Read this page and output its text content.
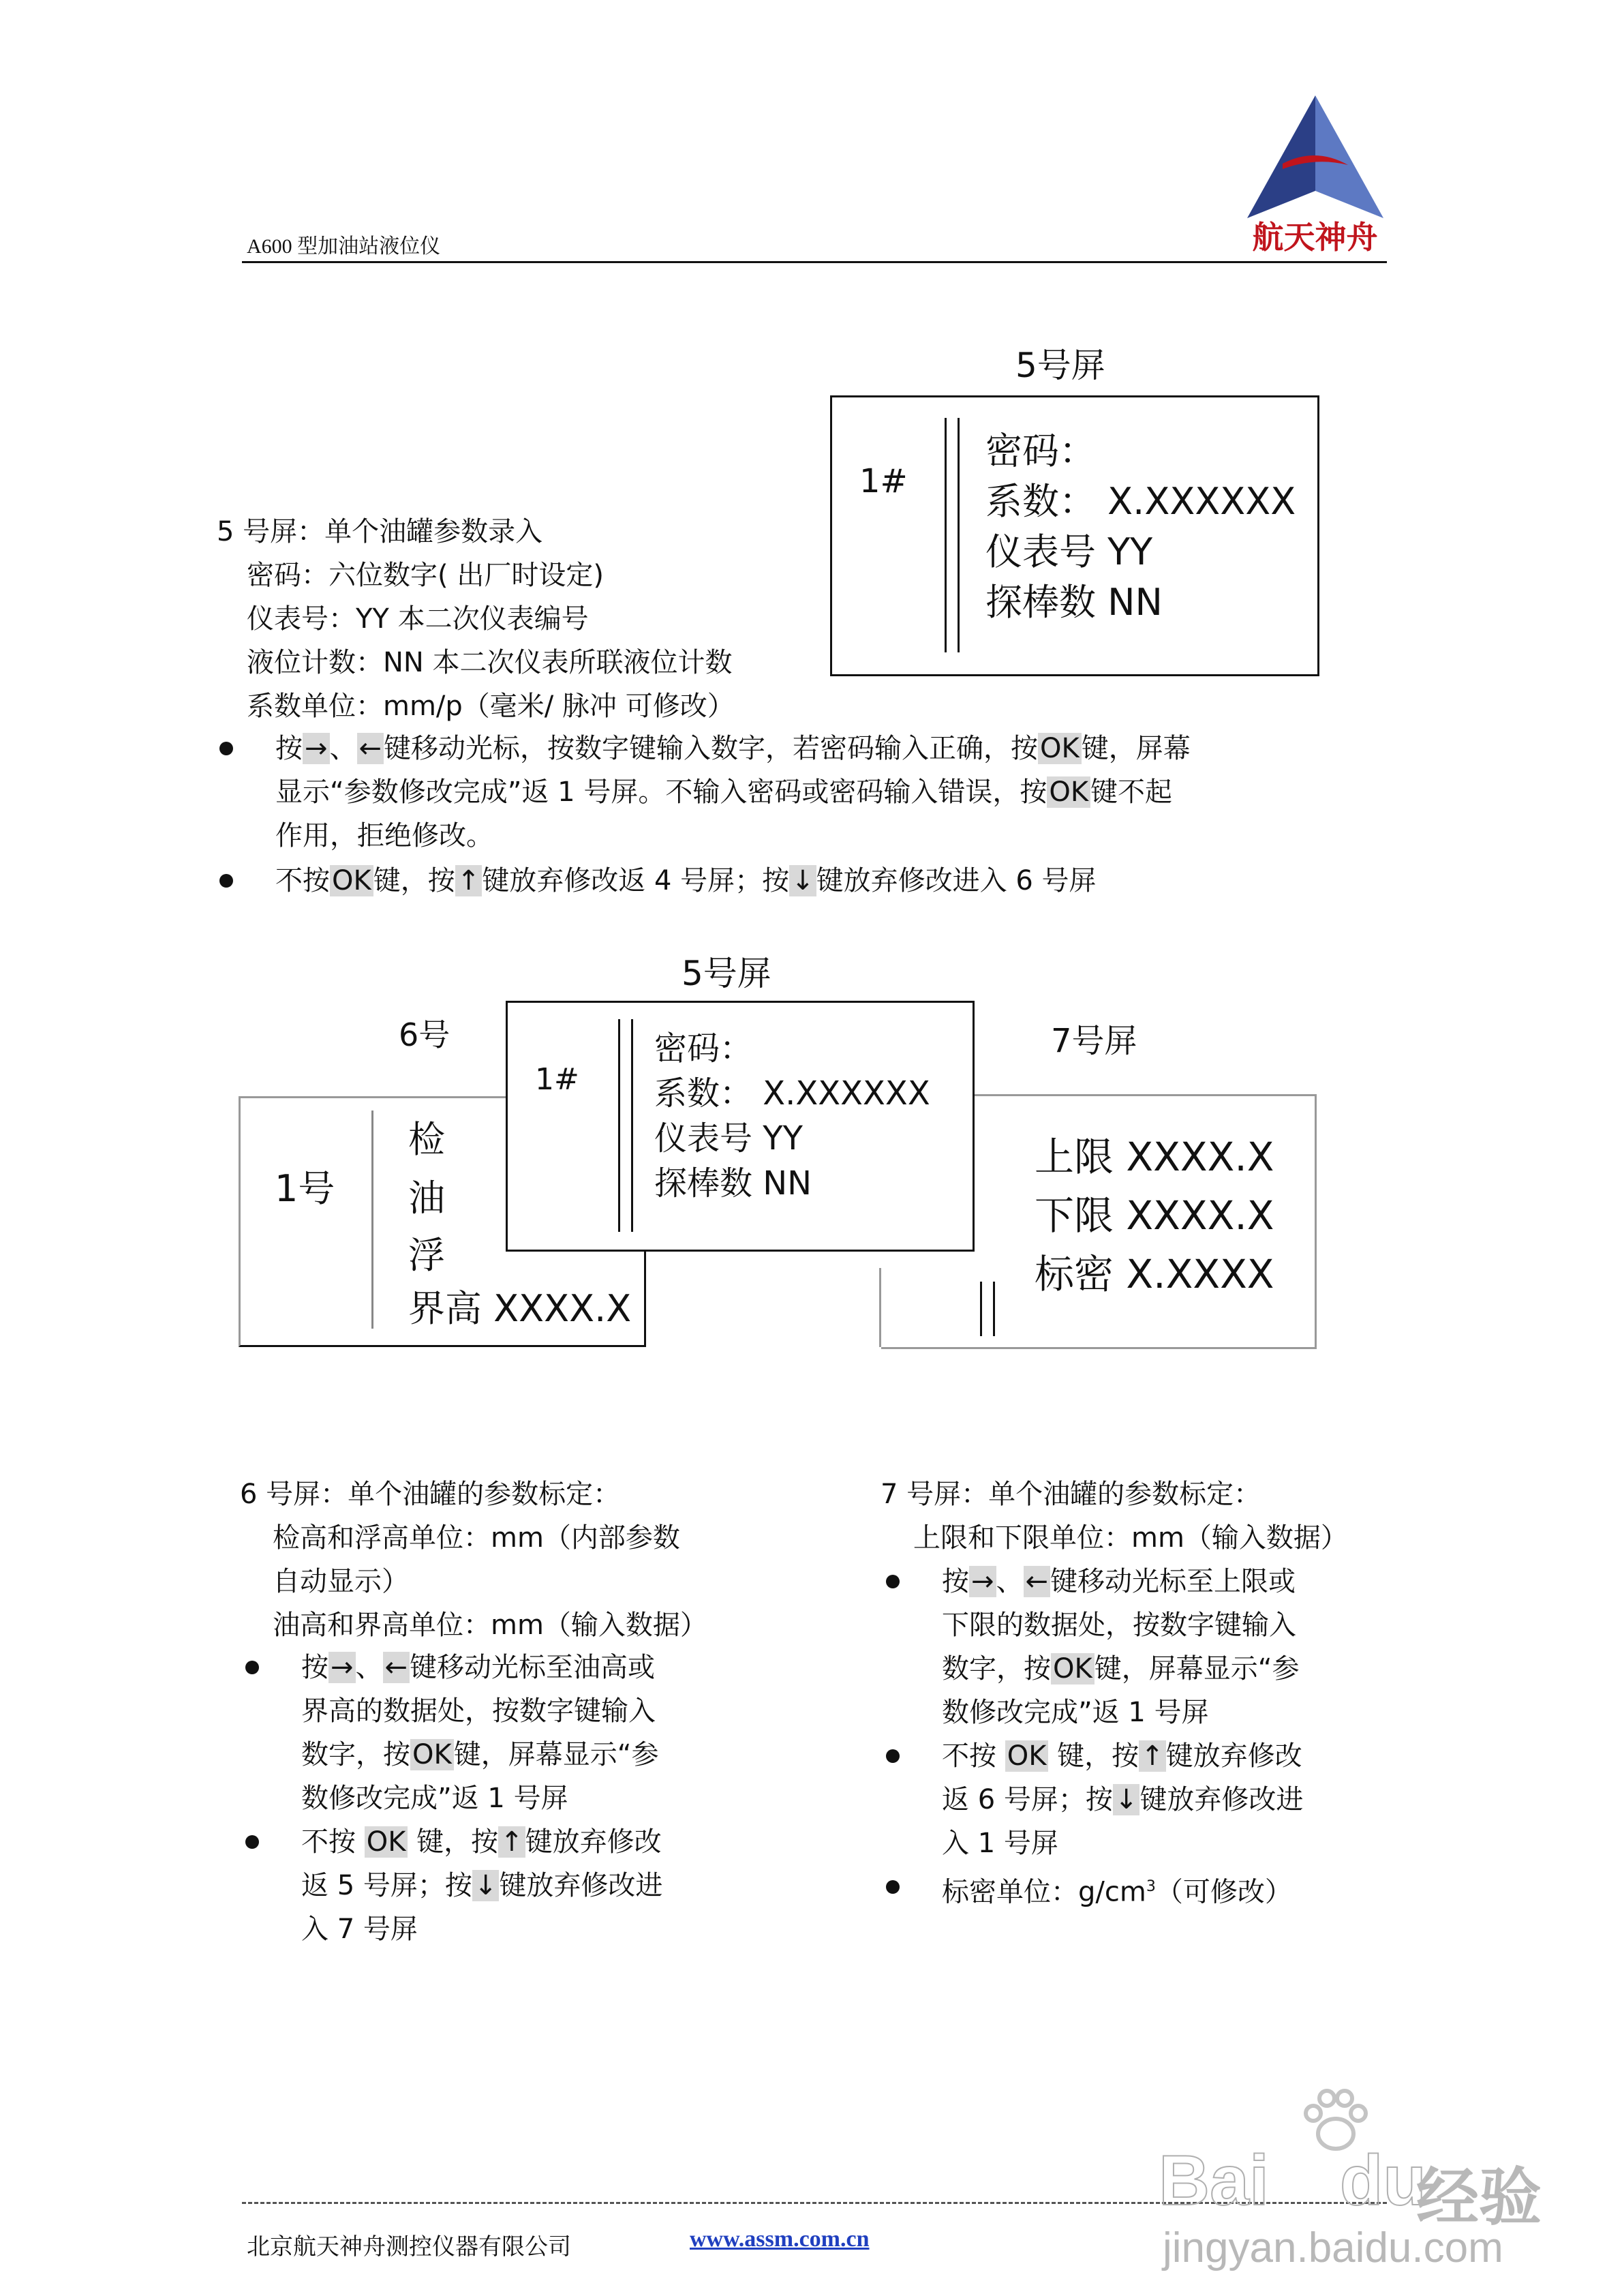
A600 型加油站液位仪	航天神舟
5号屏
1#
密码：
系数： X.XXXXXX
仪表号 YY
探棒数 NN
5 号屏：单个油罐参数录入
密码：六位数字( 出厂时设定)
仪表号：YY 本二次仪表编号
液位计数：NN 本二次仪表所联液位计数
系数单位：mm/p（毫米/ 脉冲 可修改）
按→、←键移动光标，按数字键输入数字，若密码输入正确，按OK键，屏幕
显示“参数修改完成”返 1 号屏。不输入密码或密码输入错误，按OK键不起
作用，拒绝修改。
不按OK键，按↑键放弃修改返 4 号屏；按↓键放弃修改进入 6 号屏
5号屏
6号	7号屏
1号
检
油
浮
界高 XXXX.X
上限 XXXX.X
下限 XXXX.X
标密 X.XXXX
1#
密码：
系数： X.XXXXXX
仪表号 YY
探棒数 NN
6 号屏：单个油罐的参数标定：
检高和浮高单位：mm（内部参数
自动显示）
油高和界高单位：mm（输入数据）
按→、←键移动光标至油高或
界高的数据处，按数字键输入
数字，按OK键，屏幕显示“参
数修改完成”返 1 号屏
不按 OK 键，按↑键放弃修改
返 5 号屏；按↓键放弃修改进
入 7 号屏
7 号屏：单个油罐的参数标定：
上限和下限单位：mm（输入数据）
按→、←键移动光标至上限或
下限的数据处，按数字键输入
数字，按OK键，屏幕显示“参
数修改完成”返 1 号屏
不按 OK 键，按↑键放弃修改
返 6 号屏；按↓键放弃修改进
入 1 号屏
标密单位：$g/cm^3$（可修改）
北京航天神舟测控仪器有限公司	www.assm.com.cn
Bai du
经验
jingyan.baidu.com
